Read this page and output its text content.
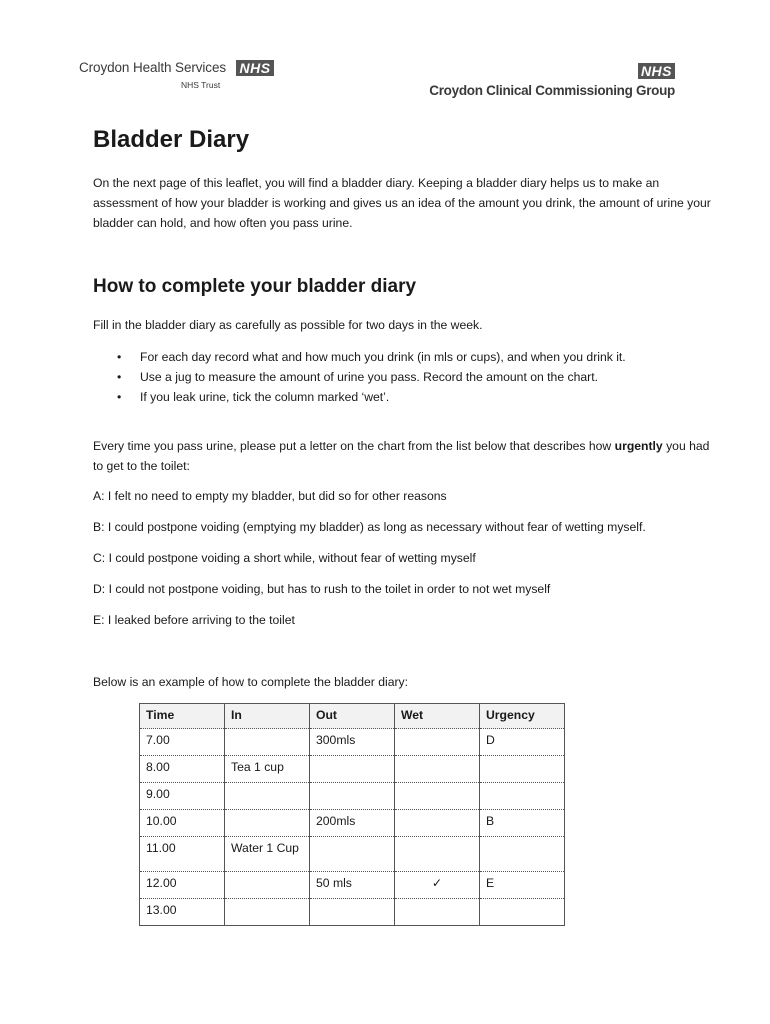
Croydon Health Services NHS
NHS Trust
NHS
Croydon Clinical Commissioning Group
Bladder Diary

On the next page of this leaflet, you will find a bladder diary. Keeping a bladder diary helps us to make an assessment of how your bladder is working and gives us an idea of the amount you drink, the amount of urine your bladder can hold, and how often you pass urine.

How to complete your bladder diary

Fill in the bladder diary as carefully as possible for two days in the week.

• For each day record what and how much you drink (in mls or cups), and when you drink it.
• Use a jug to measure the amount of urine you pass. Record the amount on the chart.
• If you leak urine, tick the column marked ‘wet’.

Every time you pass urine, please put a letter on the chart from the list below that describes how urgently you had to get to the toilet:

A: I felt no need to empty my bladder, but did so for other reasons

B: I could postpone voiding (emptying my bladder) as long as necessary without fear of wetting myself.

C: I could postpone voiding a short while, without fear of wetting myself

D: I could not postpone voiding, but has to rush to the toilet in order to not wet myself

E: I leaked before arriving to the toilet

Below is an example of how to complete the bladder diary:

Time	In	Out	Wet	Urgency
7.00		300mls		D
8.00	Tea 1 cup			
9.00				
10.00		200mls		B
11.00	Water 1 Cup			
12.00		50 mls	✓	E
13.00				
